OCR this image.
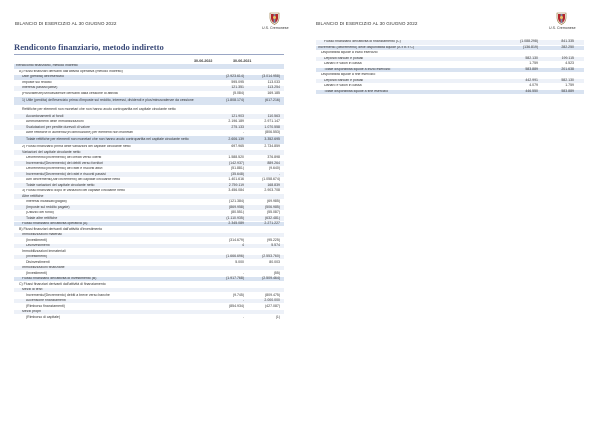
BILANCIO DI ESERCIZIO AL 30 GIUGNO 2022
U.S. Cremonese
Rendiconto finanziario, metodo indiretto
30-06-2022	30-06-2021
Rendiconto finanziario, metodo indiretto
A) Flussi finanziari derivanti dall'attività operativa (metodo indiretto)
Utile (perdita) dell'esercizio	(2.923.614)	(3.014.958)
Imposte sul reddito	595.095	113.033
Interessi passivi/(attivi)	121.351	113.254
(Plusvalenze)/Minusvalenze derivanti dalla cessione di attività	(5.084)	169.185
1) Utile (perdita) dell'esercizio prima d'imposte sul reddito, interessi, dividendi e plus/minusvalenze da cessione	(1.808.174)	(617.216)
Rettifiche per elementi non monetari che non hanno avuto contropartita nel capitale circolante netto
Accantonamenti ai fondi	121.903	110.563
Ammortamenti delle immobilizzazioni	2.196.189	2.971.147
Svalutazioni per perdite durevoli di valore	275.133	1.070.558
Altre rettifiche in aumento/(in diminuzione) per elementi non monetari	-	(806.553)
Totale rettifiche per elementi non monetari che non hanno avuto contropartita nel capitale circolante netto	2.606.139	3.352.695
2) Flusso finanziario prima delle variazioni del capitale circolante netto	697.965	2.734.859
Variazioni del capitale circolante netto
Decremento/(Incremento) dei crediti verso clienti	1.588.520	376.898
Incremento/(Decremento) dei debiti verso fornitori	(142.937)	889.264
Decremento/(Incremento) dei ratei e risconti attivi	(51.881)	(9.640)
Incremento/(Decremento) dei ratei e risconti passivi	(35.648)	-
Altri decrementi/(Altri incrementi) del capitale circolante netto	1.401.616	(1.058.674)
Totale variazioni del capitale circolante netto	2.759.119	168.839
3) Flusso finanziario dopo le variazioni del capitale circolante netto	3.456.084	2.903.708
Altre rettifiche
Interessi incassati/(pagati)	(121.384)	(69.985)
(Imposte sul reddito pagate)	(869.958)	(506.985)
(Utilizzo dei fondi)	(80.551)	(55.087)
Totale altre rettifiche	(1.110.935)	(632.481)
Flusso finanziario dell'attività operativa (A)	2.345.089	2.271.227
B) Flussi finanziari derivanti dall'attività d'investimento
Immobilizzazioni materiali
(Investimenti)	(314.679)	(95.225)
Disinvestimenti	4	5.574
Immobilizzazioni immateriali
(Investimenti)	(1.666.696)	(2.553.760)
Disinvestimenti	5.000	80.003
Immobilizzazioni finanziarie
(Investimenti)	-	(55)
Flusso finanziario dell'attività di investimento (B)	(1.917.768)	(2.509.464)
C) Flussi finanziari derivanti dall'attività di finanziamento
Mezzi di terzi
Incremento/(Decremento) debiti a breve verso banche	(9.745)	(809.475)
Accensione finanziamenti	-	2.000.000
(Rimborso finanziamenti)	(854.934)	(427.087)
Mezzi propri
(Rimborso di capitale)	-	(1)
BILANCIO DI ESERCIZIO AL 30 GIUGNO 2022
U.S. Cremonese
Flusso finanziario dell'attività di finanziamento (C)	(1.088.298)	841.335
Incremento (decremento) delle disponibilità liquide (A ± B ± C)	(136.819)	282.250
Disponibilità liquide a inizio esercizio
Depositi bancari e postali	582.130	199.115
Danaro e valori in cassa	1.759	4.523
Totale disponibilità liquide a inizio esercizio	583.889	201.638
Disponibilità liquide a fine esercizio
Depositi bancari e postali	442.991	582.130
Danaro e valori in cassa	4.079	1.759
Totale disponibilità liquide a fine esercizio	446.550	583.889
